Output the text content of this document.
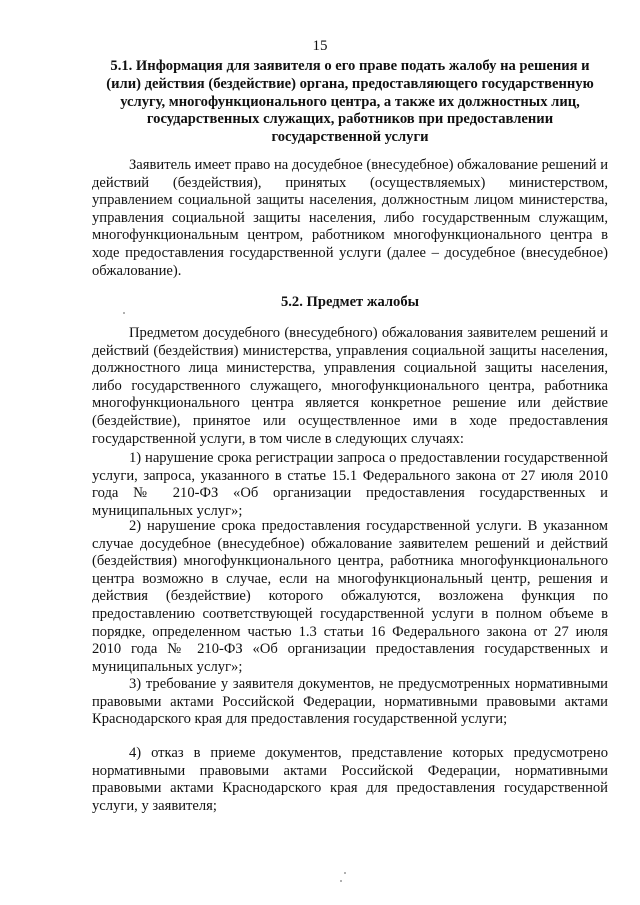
15
5.1. Информация для заявителя о его праве подать жалобу на решения и (или) действия (бездействие) органа, предоставляющего государственную услугу, многофункционального центра, а также их должностных лиц, государственных служащих, работников при предоставлении государственной услуги

Заявитель имеет право на досудебное (внесудебное) обжалование решений и действий (бездействия), принятых (осуществляемых) министерством, управлением социальной защиты населения, должностным лицом министерства, управления социальной защиты населения, либо государственным служащим, многофункциональным центром, работником многофункционального центра в ходе предоставления государственной услуги (далее – досудебное (внесудебное) обжалование).

5.2. Предмет жалобы

Предметом досудебного (внесудебного) обжалования заявителем решений и действий (бездействия) министерства, управления социальной защиты населения, должностного лица министерства, управления социальной защиты населения, либо государственного служащего, многофункционального центра, работника многофункционального центра является конкретное решение или действие (бездействие), принятое или осуществленное ими в ходе предоставления государственной услуги, в том числе в следующих случаях:

1) нарушение срока регистрации запроса о предоставлении государственной услуги, запроса, указанного в статье 15.1 Федерального закона от 27 июля 2010 года № 210-ФЗ «Об организации предоставления государственных и муниципальных услуг»;

2) нарушение срока предоставления государственной услуги. В указанном случае досудебное (внесудебное) обжалование заявителем решений и действий (бездействия) многофункционального центра, работника многофункционального центра возможно в случае, если на многофункциональный центр, решения и действия (бездействие) которого обжалуются, возложена функция по предоставлению соответствующей государственной услуги в полном объеме в порядке, определенном частью 1.3 статьи 16 Федерального закона от 27 июля 2010 года № 210-ФЗ «Об организации предоставления государственных и муниципальных услуг»;

3) требование у заявителя документов, не предусмотренных нормативными правовыми актами Российской Федерации, нормативными правовыми актами Краснодарского края для предоставления государственной услуги;

4) отказ в приеме документов, представление которых предусмотрено нормативными правовыми актами Российской Федерации, нормативными правовыми актами Краснодарского края для предоставления государственной услуги, у заявителя;
